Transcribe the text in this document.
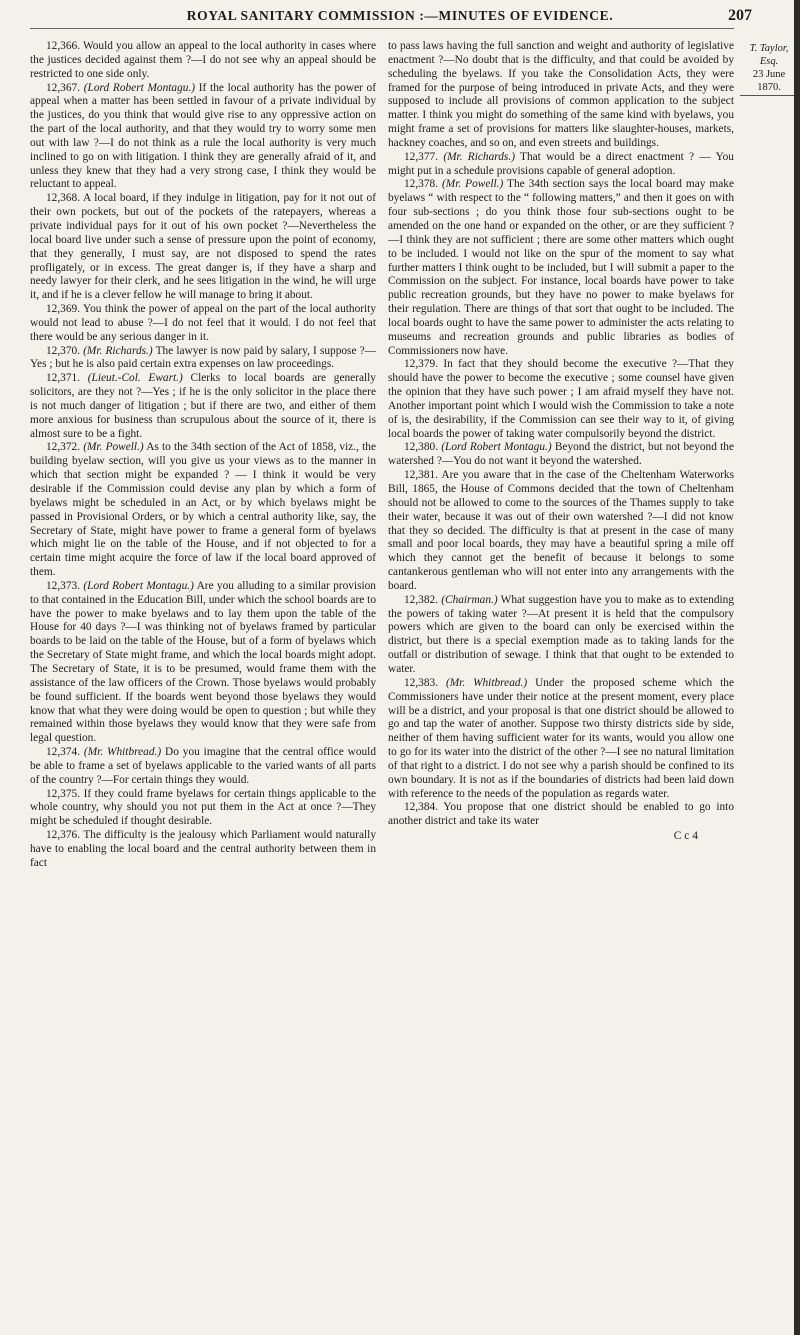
ROYAL SANITARY COMMISSION :—MINUTES OF EVIDENCE.	207
T. Taylor, Esq.
23 June 1870.

12,366. Would you allow an appeal to the local authority in cases where the justices decided against them ?—I do not see why an appeal should be restricted to one side only.

12,367. (Lord Robert Montagu.) If the local authority has the power of appeal when a matter has been settled in favour of a private individual by the justices, do you think that would give rise to any oppressive action on the part of the local authority, and that they would try to worry some men out with law ?—I do not think as a rule the local authority is very much inclined to go on with litigation. I think they are generally afraid of it, and unless they knew that they had a very strong case, I think they would be reluctant to appeal.

12,368. A local board, if they indulge in litigation, pay for it not out of their own pockets, but out of the pockets of the ratepayers, whereas a private individual pays for it out of his own pocket ?—Nevertheless the local board live under such a sense of pressure upon the point of economy, that they generally, I must say, are not disposed to spend the rates profligately, or in excess. The great danger is, if they have a sharp and needy lawyer for their clerk, and he sees litigation in the wind, he will urge it, and if he is a clever fellow he will manage to bring it about.

12,369. You think the power of appeal on the part of the local authority would not lead to abuse ?—I do not feel that it would. I do not feel that there would be any serious danger in it.

12,370. (Mr. Richards.) The lawyer is now paid by salary, I suppose ?—Yes ; but he is also paid certain extra expenses on law proceedings.

12,371. (Lieut.-Col. Ewart.) Clerks to local boards are generally solicitors, are they not ?—Yes ; if he is the only solicitor in the place there is not much danger of litigation ; but if there are two, and either of them more anxious for business than scrupulous about the source of it, there is almost sure to be a fight.

12,372. (Mr. Powell.) As to the 34th section of the Act of 1858, viz., the building byelaw section, will you give us your views as to the manner in which that section might be expanded ? — I think it would be very desirable if the Commission could devise any plan by which a form of byelaws might be scheduled in an Act, or by which byelaws might be passed in Provisional Orders, or by which a central authority like, say, the Secretary of State, might have power to frame a general form of byelaws which might lie on the table of the House, and if not objected to for a certain time might acquire the force of law if the local board approved of them.

12,373. (Lord Robert Montagu.) Are you alluding to a similar provision to that contained in the Education Bill, under which the school boards are to have the power to make byelaws and to lay them upon the table of the House for 40 days ?—I was thinking not of byelaws framed by particular boards to be laid on the table of the House, but of a form of byelaws which the Secretary of State might frame, and which the local boards might adopt. The Secretary of State, it is to be presumed, would frame them with the assistance of the law officers of the Crown. Those byelaws would probably be found sufficient. If the boards went beyond those byelaws they would know that what they were doing would be open to question ; but while they remained within those byelaws they would know that they were safe from legal question.

12,374. (Mr. Whitbread.) Do you imagine that the central office would be able to frame a set of byelaws applicable to the varied wants of all parts of the country ?—For certain things they would.

12,375. If they could frame byelaws for certain things applicable to the whole country, why should you not put them in the Act at once ?—They might be scheduled if thought desirable.

12,376. The difficulty is the jealousy which Parliament would naturally have to enabling the local board and the central authority between them in fact

to pass laws having the full sanction and weight and authority of legislative enactment ?—No doubt that is the difficulty, and that could be avoided by scheduling the byelaws. If you take the Consolidation Acts, they were framed for the purpose of being introduced in private Acts, and they were supposed to include all provisions of common application to the subject matter. I think you might do something of the same kind with byelaws, you might frame a set of provisions for matters like slaughter-houses, markets, hackney coaches, and so on, and even streets and buildings.

12,377. (Mr. Richards.) That would be a direct enactment ? — You might put in a schedule provisions capable of general adoption.

12,378. (Mr. Powell.) The 34th section says the local board may make byelaws “ with respect to the “ following matters,” and then it goes on with four sub-sections ; do you think those four sub-sections ought to be amended on the one hand or expanded on the other, or are they sufficient ?—I think they are not sufficient ; there are some other matters which ought to be included. I would not like on the spur of the moment to say what further matters I think ought to be included, but I will submit a paper to the Commission on the subject. For instance, local boards have power to take public recreation grounds, but they have no power to make byelaws for their regulation. There are things of that sort that ought to be included. The local boards ought to have the same power to administer the acts relating to museums and recreation grounds and public libraries as bodies of Commissioners now have.

12,379. In fact that they should become the executive ?—That they should have the power to become the executive ; some counsel have given the opinion that they have such power ; I am afraid myself they have not. Another important point which I would wish the Commission to take a note of is, the desirability, if the Commission can see their way to it, of giving local boards the power of taking water compulsorily beyond the district.

12,380. (Lord Robert Montagu.) Beyond the district, but not beyond the watershed ?—You do not want it beyond the watershed.

12,381. Are you aware that in the case of the Cheltenham Waterworks Bill, 1865, the House of Commons decided that the town of Cheltenham should not be allowed to come to the sources of the Thames supply to take their water, because it was out of their own watershed ?—I did not know that they so decided. The difficulty is that at present in the case of many small and poor local boards, they may have a beautiful spring a mile off which they cannot get the benefit of because it belongs to some cantankerous gentleman who will not enter into any arrangements with the board.

12,382. (Chairman.) What suggestion have you to make as to extending the powers of taking water ?—At present it is held that the compulsory powers which are given to the board can only be exercised within the district, but there is a special exemption made as to taking lands for the outfall or distribution of sewage. I think that that ought to be extended to water.

12,383. (Mr. Whitbread.) Under the proposed scheme which the Commissioners have under their notice at the present moment, every place will be a district, and your proposal is that one district should be allowed to go and tap the water of another. Suppose two thirsty districts side by side, neither of them having sufficient water for its wants, would you allow one to go for its water into the district of the other ?—I see no natural limitation of that right to a district. I do not see why a parish should be confined to its own boundary. It is not as if the boundaries of districts had been laid down with reference to the needs of the population as regards water.

12,384. You propose that one district should be enabled to go into another district and take its water

C c 4
